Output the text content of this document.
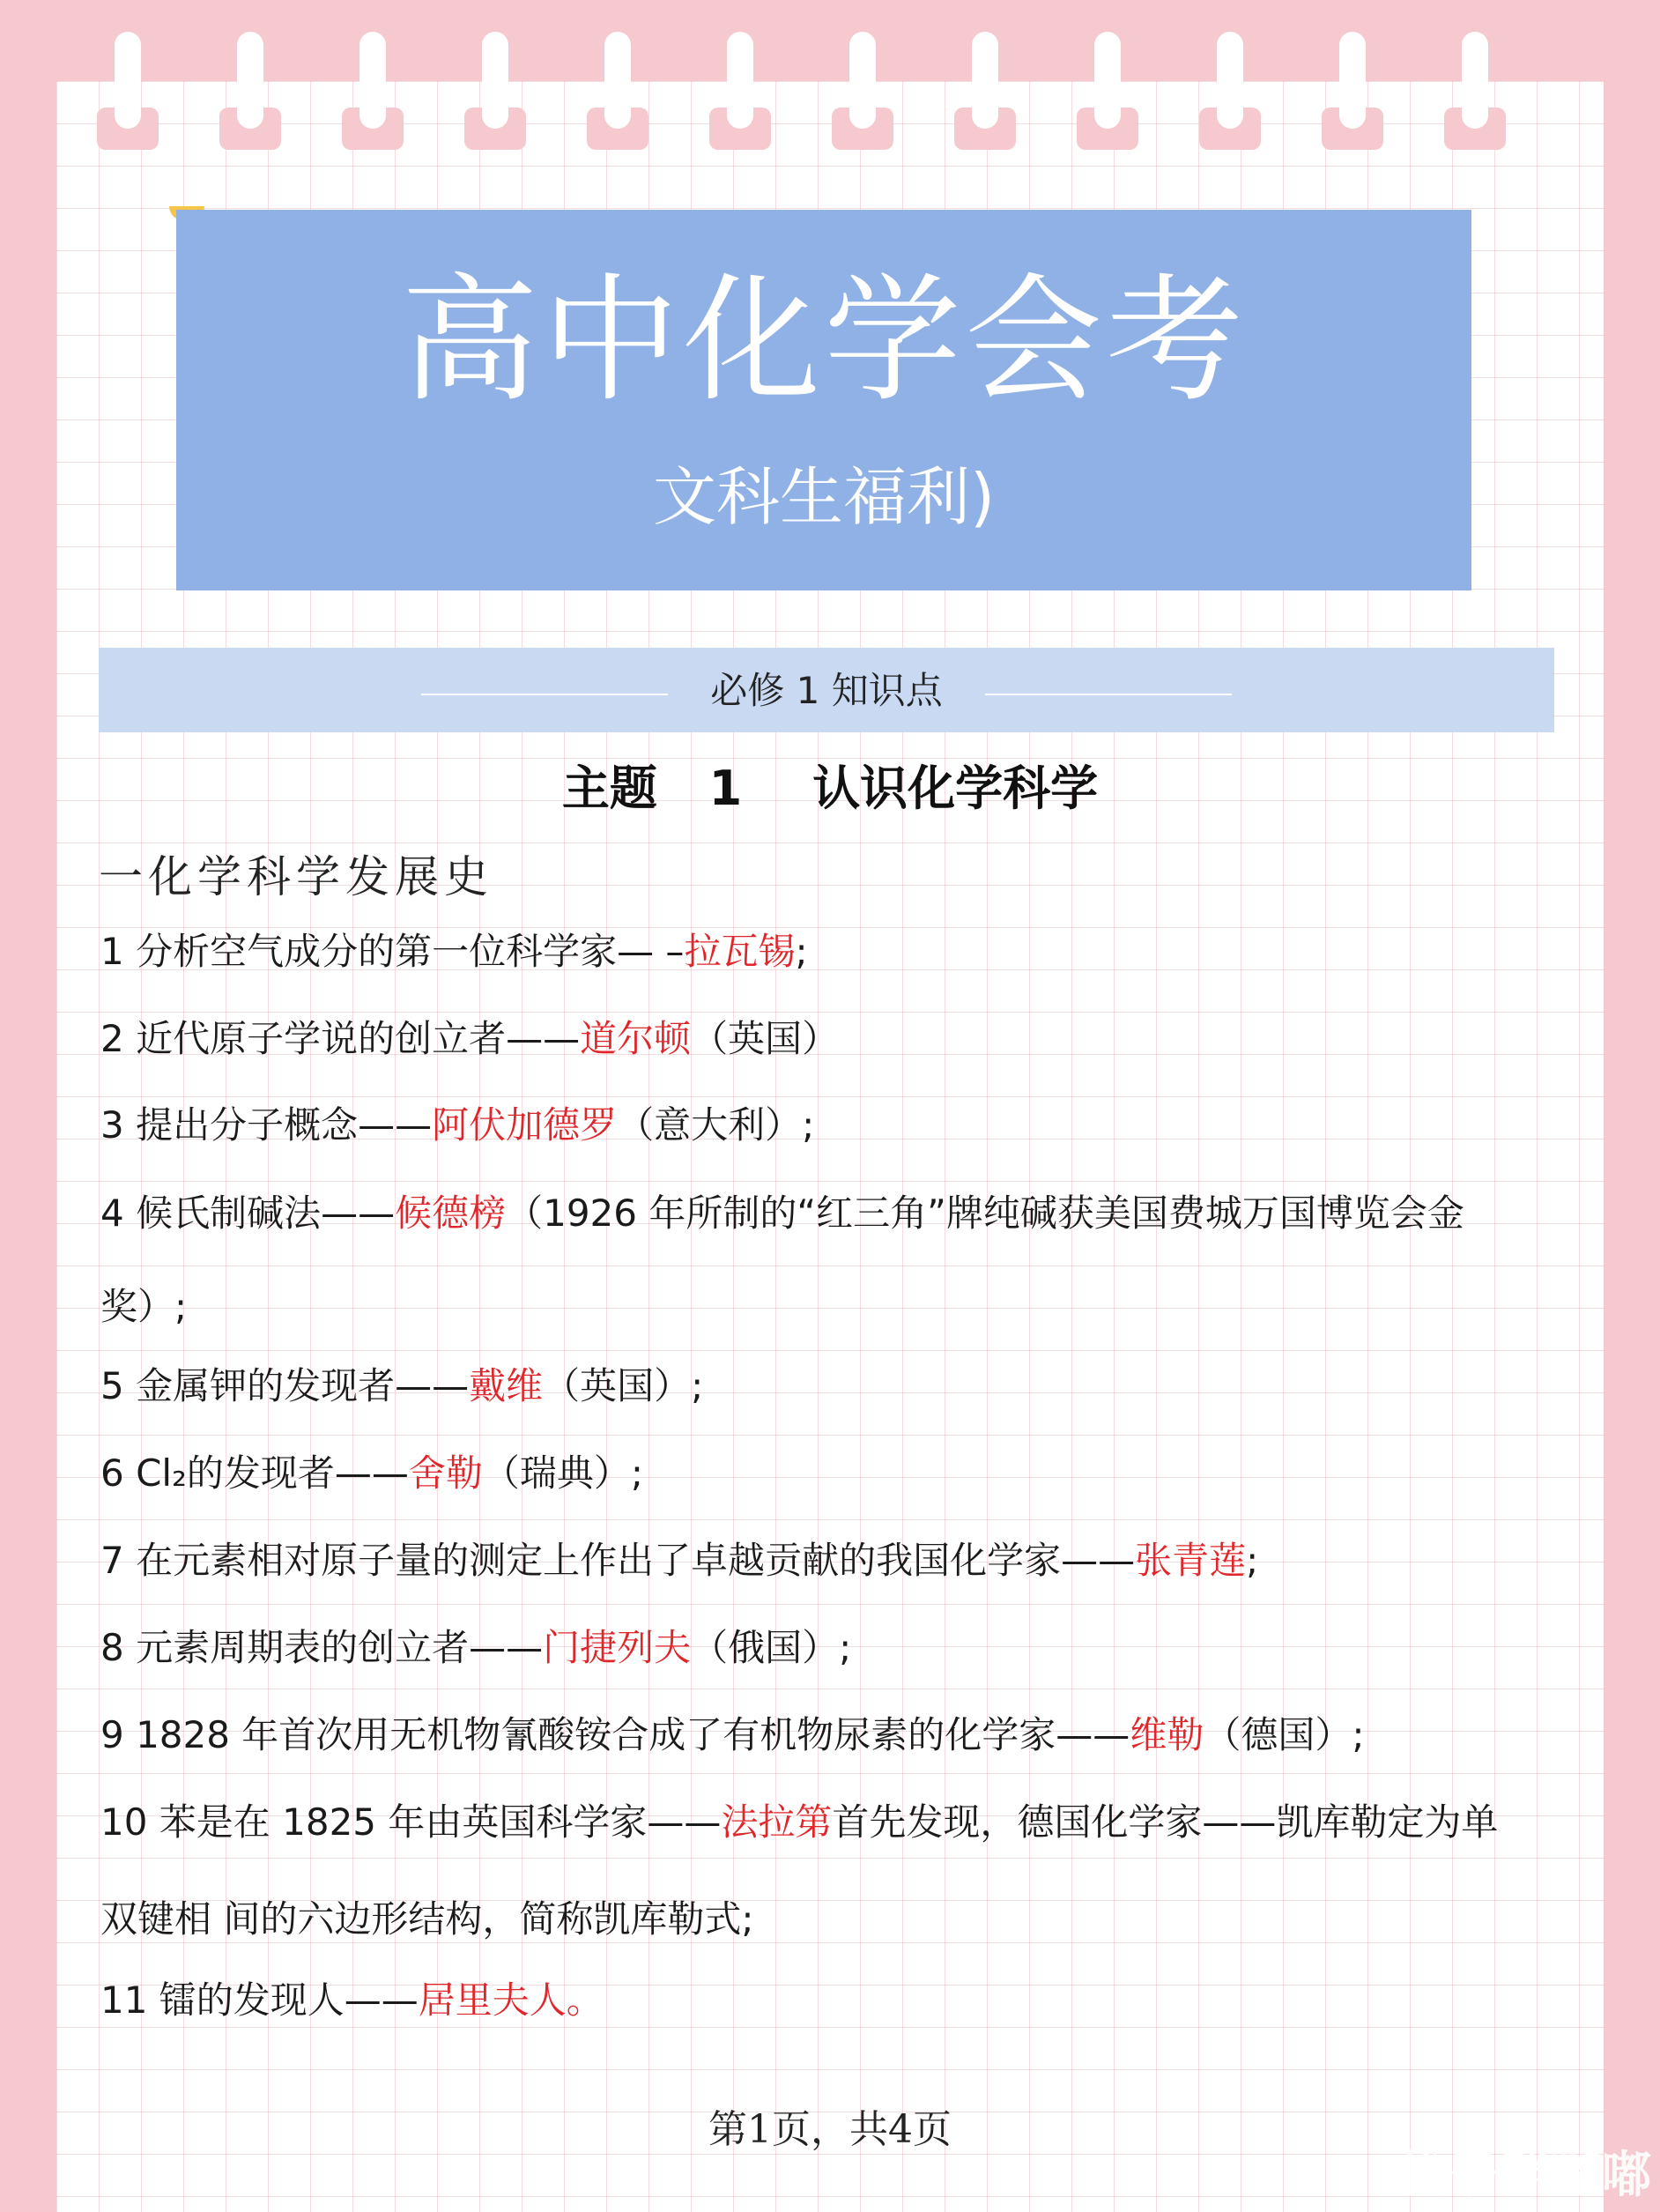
高中化学会考
文科生福利)
必修 1 知识点
主题 1 认识化学科学
一化学科学发展史
1 分析空气成分的第一位科学家— –拉瓦锡;
2 近代原子学说的创立者——道尔顿（英国）
3 提出分子概念——阿伏加德罗（意大利）;
4 候氏制碱法——候德榜（1926 年所制的“红三角”牌纯碱获美国费城万国博览会金
奖）;
5 金属钾的发现者——戴维（英国）;
6 Cl₂的发现者——舍勒（瑞典）;
7 在元素相对原子量的测定上作出了卓越贡献的我国化学家——张青莲;
8 元素周期表的创立者——门捷列夫（俄国）;
9 1828 年首次用无机物氰酸铵合成了有机物尿素的化学家——维勒（德国）;
10 苯是在 1825 年由英国科学家——法拉第首先发现，德国化学家——凯库勒定为单
双键相 间的六边形结构，简称凯库勒式;
11 镭的发现人——居里夫人。
第1页，共4页
松子胖嘟嘟
